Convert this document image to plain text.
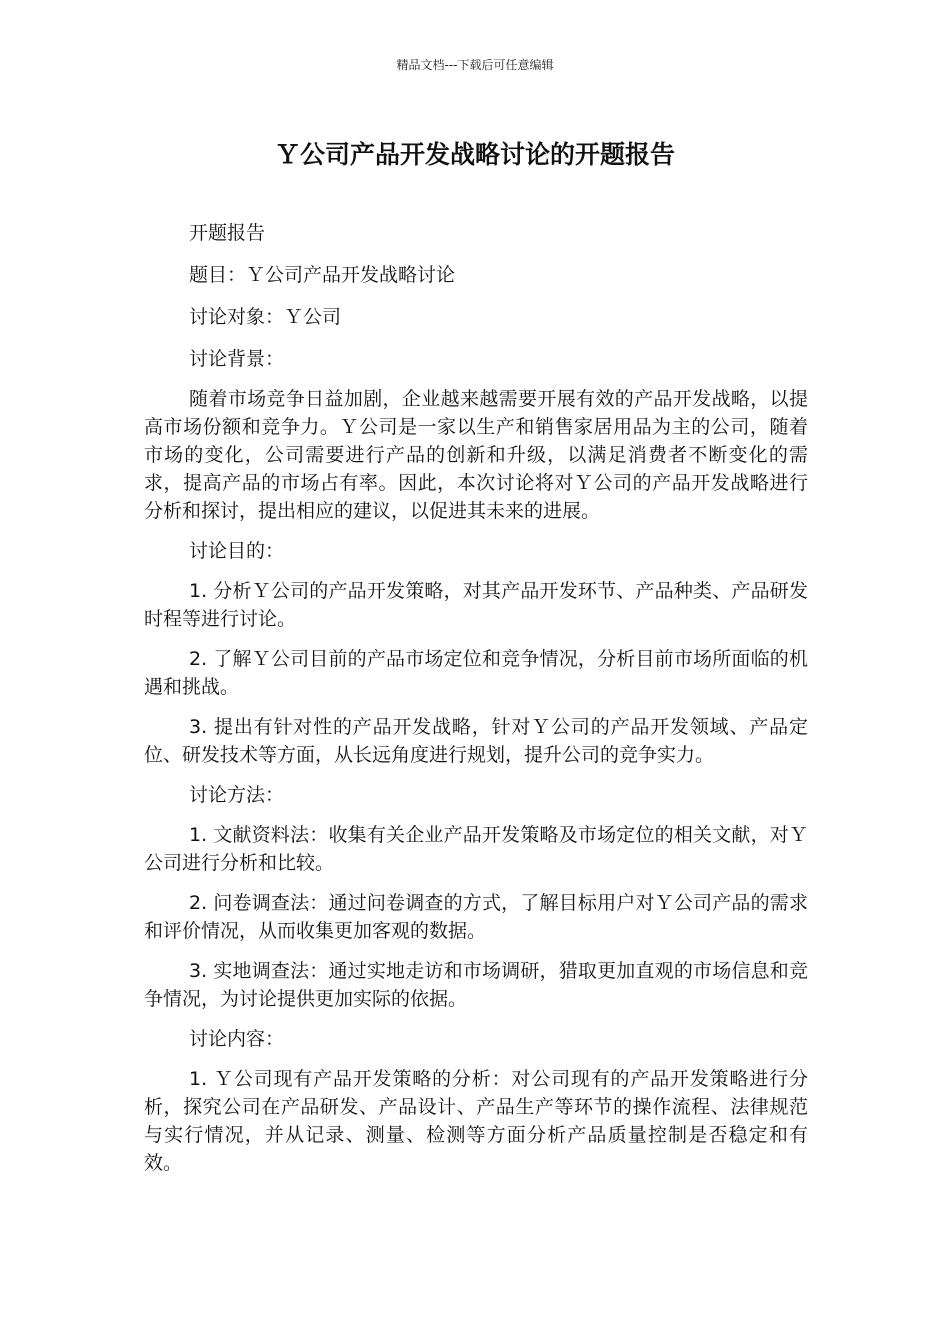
精品文档---下载后可任意编辑
Ｙ公司产品开发战略讨论的开题报告

开题报告

题目：Ｙ公司产品开发战略讨论

讨论对象：Ｙ公司

讨论背景：

随着市场竞争日益加剧，企业越来越需要开展有效的产品开发战略，以提高市场份额和竞争力。Ｙ公司是一家以生产和销售家居用品为主的公司，随着市场的变化，公司需要进行产品的创新和升级，以满足消费者不断变化的需求，提高产品的市场占有率。因此，本次讨论将对Ｙ公司的产品开发战略进行分析和探讨，提出相应的建议，以促进其未来的进展。

讨论目的：

1. 分析Ｙ公司的产品开发策略，对其产品开发环节、产品种类、产品研发时程等进行讨论。

2. 了解Ｙ公司目前的产品市场定位和竞争情况，分析目前市场所面临的机遇和挑战。

3. 提出有针对性的产品开发战略，针对Ｙ公司的产品开发领域、产品定位、研发技术等方面，从长远角度进行规划，提升公司的竞争实力。

讨论方法：

1. 文献资料法：收集有关企业产品开发策略及市场定位的相关文献，对Ｙ公司进行分析和比较。

2. 问卷调查法：通过问卷调查的方式，了解目标用户对Ｙ公司产品的需求和评价情况，从而收集更加客观的数据。

3. 实地调查法：通过实地走访和市场调研，猎取更加直观的市场信息和竞争情况，为讨论提供更加实际的依据。

讨论内容：

1. Ｙ公司现有产品开发策略的分析：对公司现有的产品开发策略进行分析，探究公司在产品研发、产品设计、产品生产等环节的操作流程、法律规范与实行情况，并从记录、测量、检测等方面分析产品质量控制是否稳定和有效。
